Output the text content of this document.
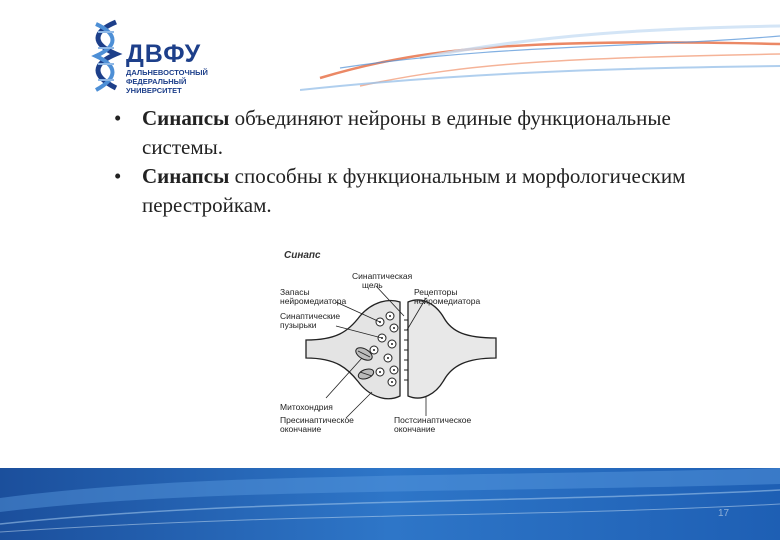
ДВФУ
ДАЛЬНЕВОСТОЧНЫЙ
ФЕДЕРАЛЬНЫЙ
УНИВЕРСИТЕТ
• Синапсы объединяют нейроны в единые функциональные системы.
• Синапсы способны к функциональным и морфологическим перестройкам.
Синапс
Синаптическая
щель
Запасы
нейромедиатора
Рецепторы
нейромедиатора
Синаптические
пузырьки
Митохондрия
Пресинаптическое
окончание
Постсинаптическое
окончание
17
